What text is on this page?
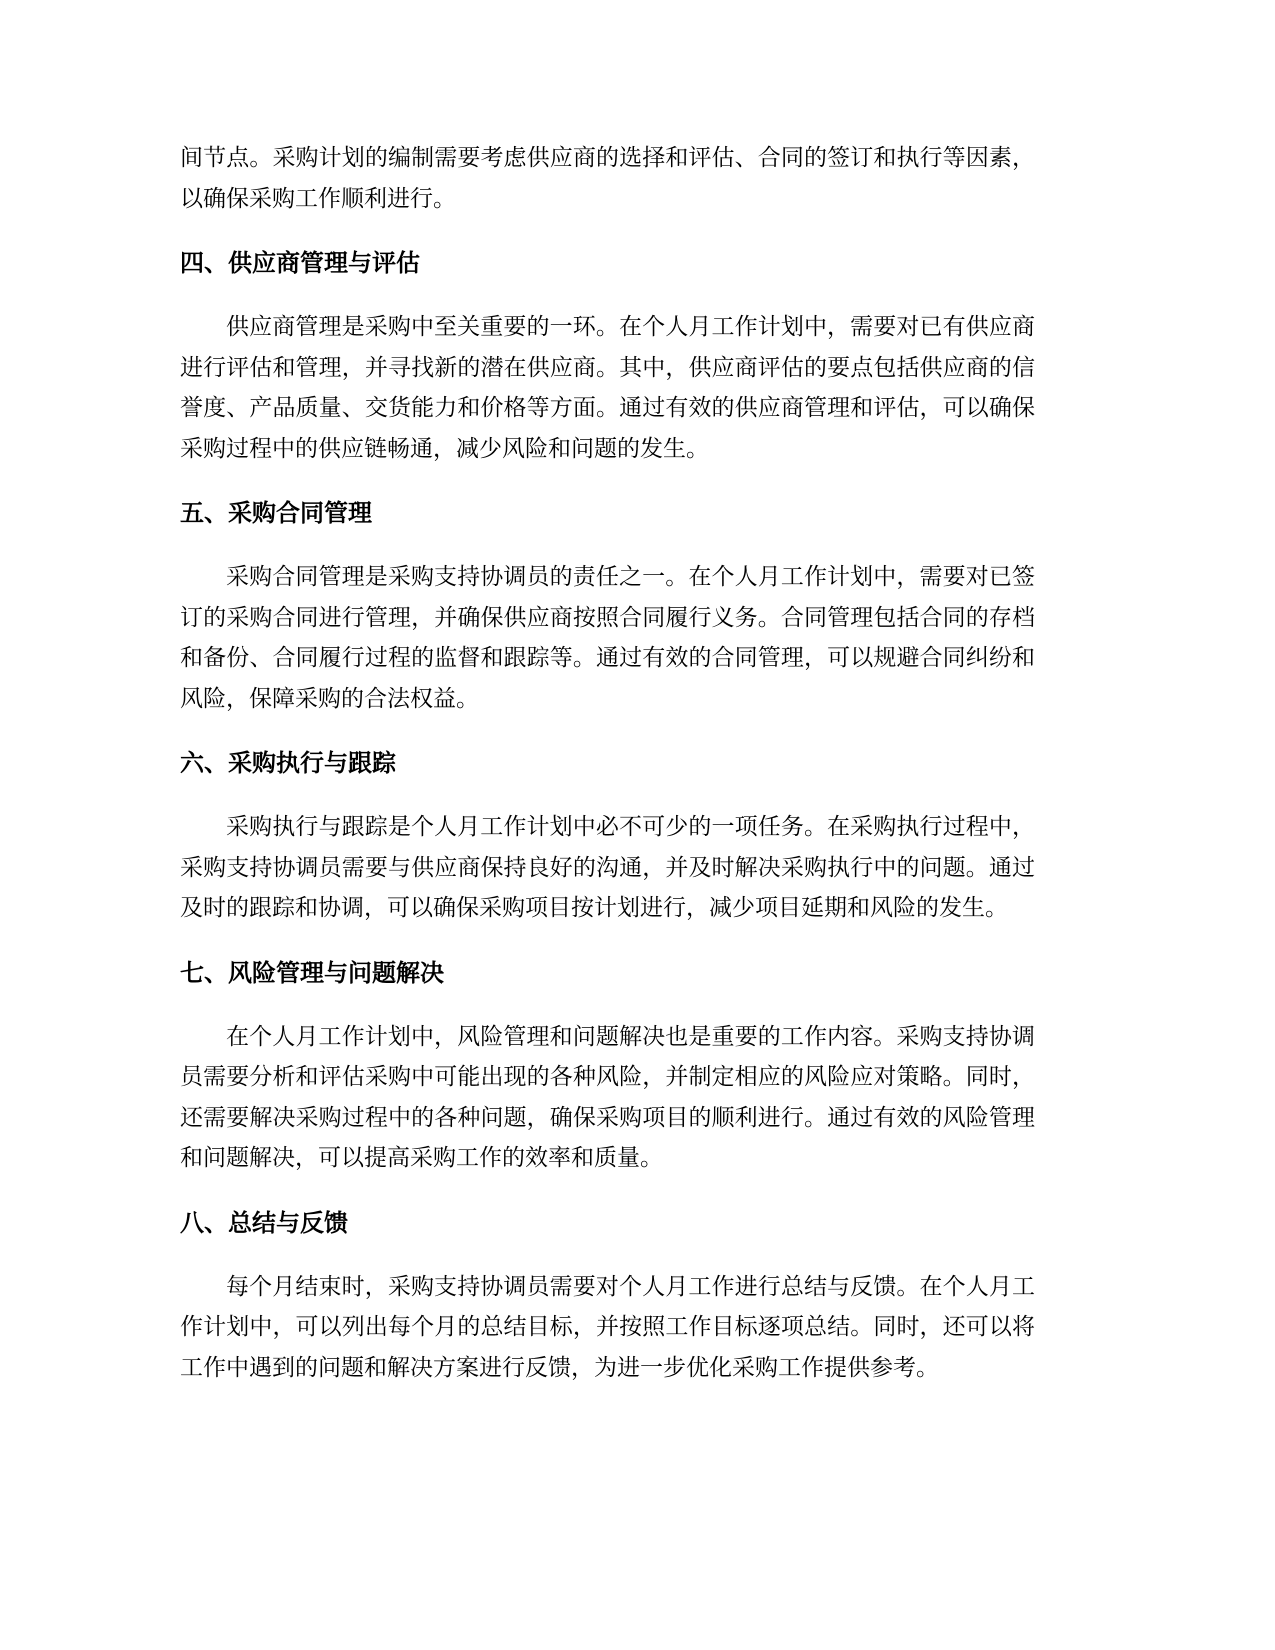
间节点。采购计划的编制需要考虑供应商的选择和评估、合同的签订和执行等因素，以确保采购工作顺利进行。

四、供应商管理与评估

供应商管理是采购中至关重要的一环。在个人月工作计划中，需要对已有供应商进行评估和管理，并寻找新的潜在供应商。其中，供应商评估的要点包括供应商的信誉度、产品质量、交货能力和价格等方面。通过有效的供应商管理和评估，可以确保采购过程中的供应链畅通，减少风险和问题的发生。

五、采购合同管理

采购合同管理是采购支持协调员的责任之一。在个人月工作计划中，需要对已签订的采购合同进行管理，并确保供应商按照合同履行义务。合同管理包括合同的存档和备份、合同履行过程的监督和跟踪等。通过有效的合同管理，可以规避合同纠纷和风险，保障采购的合法权益。

六、采购执行与跟踪

采购执行与跟踪是个人月工作计划中必不可少的一项任务。在采购执行过程中，采购支持协调员需要与供应商保持良好的沟通，并及时解决采购执行中的问题。通过及时的跟踪和协调，可以确保采购项目按计划进行，减少项目延期和风险的发生。

七、风险管理与问题解决

在个人月工作计划中，风险管理和问题解决也是重要的工作内容。采购支持协调员需要分析和评估采购中可能出现的各种风险，并制定相应的风险应对策略。同时，还需要解决采购过程中的各种问题，确保采购项目的顺利进行。通过有效的风险管理和问题解决，可以提高采购工作的效率和质量。

八、总结与反馈

每个月结束时，采购支持协调员需要对个人月工作进行总结与反馈。在个人月工作计划中，可以列出每个月的总结目标，并按照工作目标逐项总结。同时，还可以将工作中遇到的问题和解决方案进行反馈，为进一步优化采购工作提供参考。
